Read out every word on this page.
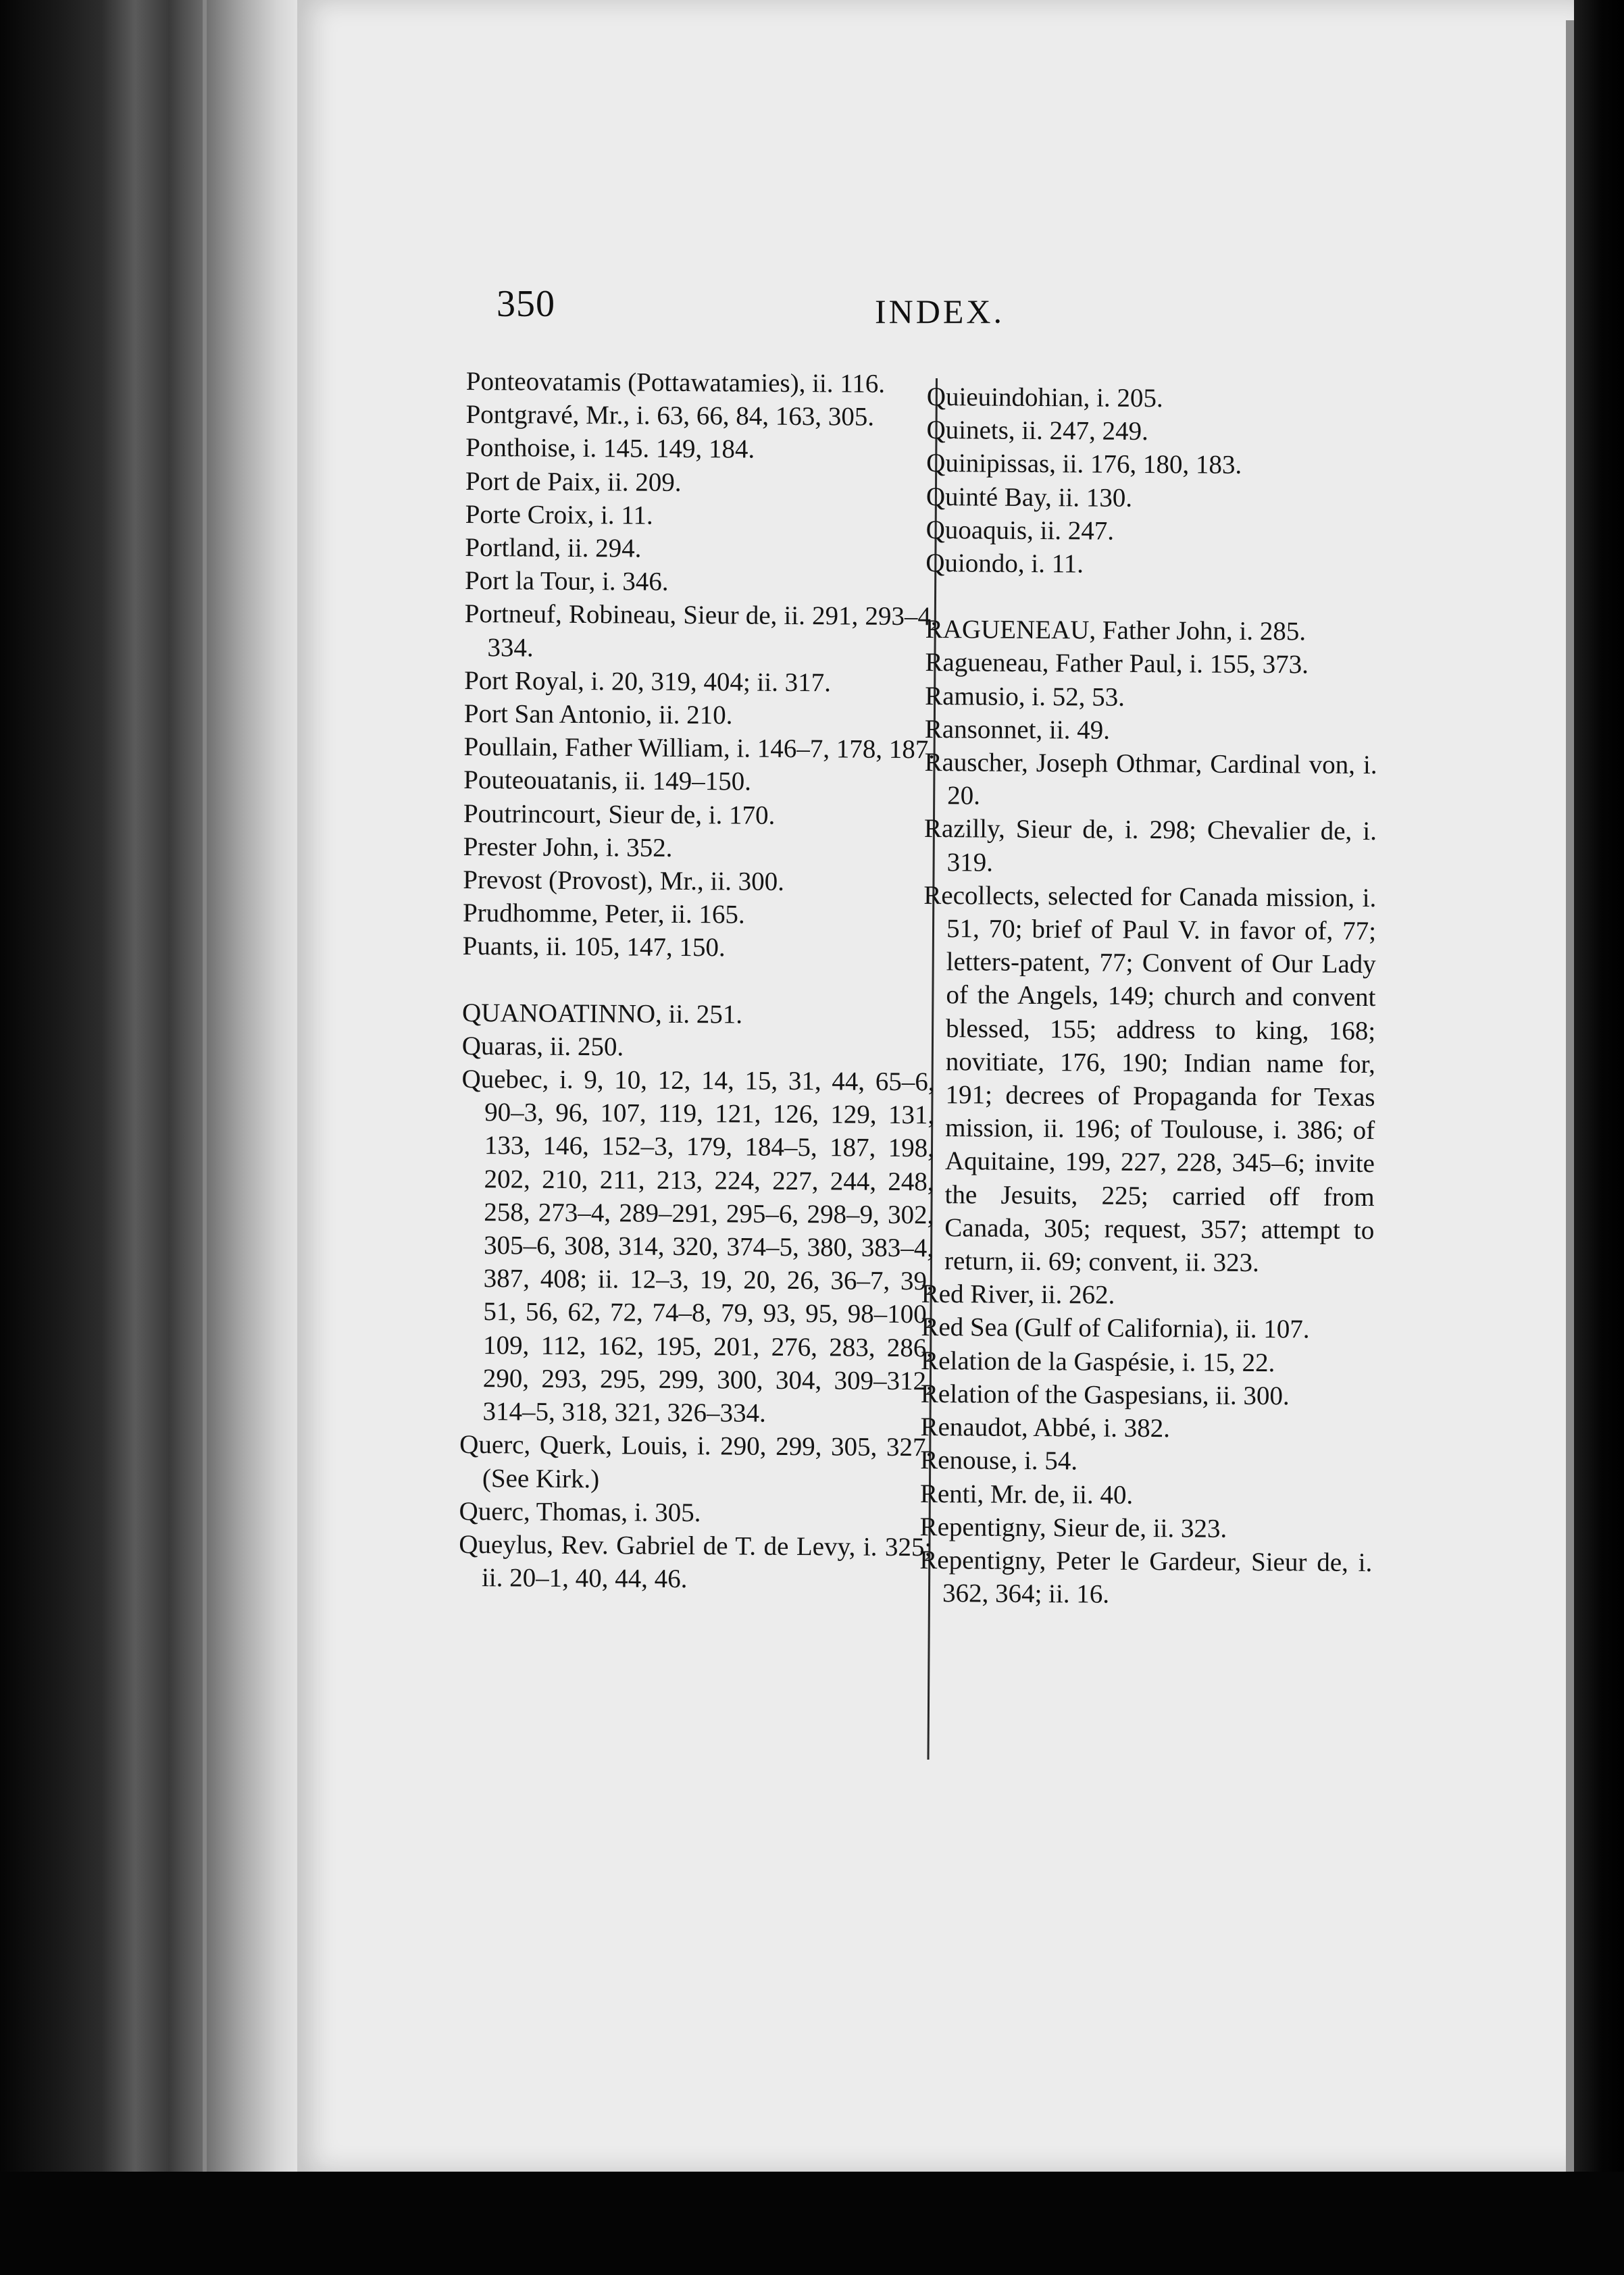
350	INDEX.

Ponteovatamis (Pottawatamies), ii. 116.

Pontgravé, Mr., i. 63, 66, 84, 163, 305.

Ponthoise, i. 145. 149, 184.

Port de Paix, ii. 209.

Porte Croix, i. 11.

Portland, ii. 294.

Port la Tour, i. 346.

Portneuf, Robineau, Sieur de, ii. 291, 293–4, 334.

Port Royal, i. 20, 319, 404; ii. 317.

Port San Antonio, ii. 210.

Poullain, Father William, i. 146–7, 178, 187.

Pouteouatanis, ii. 149–150.

Poutrincourt, Sieur de, i. 170.

Prester John, i. 352.

Prevost (Provost), Mr., ii. 300.

Prudhomme, Peter, ii. 165.

Puants, ii. 105, 147, 150.

QUANOATINNO, ii. 251.

Quaras, ii. 250.

Quebec, i. 9, 10, 12, 14, 15, 31, 44, 65–6, 90–3, 96, 107, 119, 121, 126, 129, 131, 133, 146, 152–3, 179, 184–5, 187, 198, 202, 210, 211, 213, 224, 227, 244, 248, 258, 273–4, 289–291, 295–6, 298–9, 302, 305–6, 308, 314, 320, 374–5, 380, 383–4, 387, 408; ii. 12–3, 19, 20, 26, 36–7, 39, 51, 56, 62, 72, 74–8, 79, 93, 95, 98–100, 109, 112, 162, 195, 201, 276, 283, 286, 290, 293, 295, 299, 300, 304, 309–312, 314–5, 318, 321, 326–334.

Querc, Querk, Louis, i. 290, 299, 305, 327. (See Kirk.)

Querc, Thomas, i. 305.

Queylus, Rev. Gabriel de T. de Levy, i. 325; ii. 20–1, 40, 44, 46.

Quieuindohian, i. 205.

Quinets, ii. 247, 249.

Quinipissas, ii. 176, 180, 183.

Quinté Bay, ii. 130.

Quoaquis, ii. 247.

Quiondo, i. 11.

RAGUENEAU, Father John, i. 285.

Ragueneau, Father Paul, i. 155, 373.

Ramusio, i. 52, 53.

Ransonnet, ii. 49.

Rauscher, Joseph Othmar, Cardinal von, i. 20.

Razilly, Sieur de, i. 298; Chevalier de, i. 319.

Recollects, selected for Canada mission, i. 51, 70; brief of Paul V. in favor of, 77; letters-patent, 77; Convent of Our Lady of the Angels, 149; church and convent blessed, 155; address to king, 168; novitiate, 176, 190; Indian name for, 191; decrees of Propaganda for Texas mission, ii. 196; of Toulouse, i. 386; of Aquitaine, 199, 227, 228, 345–6; invite the Jesuits, 225; carried off from Canada, 305; request, 357; attempt to return, ii. 69; convent, ii. 323.

Red River, ii. 262.

Red Sea (Gulf of California), ii. 107.

Relation de la Gaspésie, i. 15, 22.

Relation of the Gaspesians, ii. 300.

Renaudot, Abbé, i. 382.

Renouse, i. 54.

Renti, Mr. de, ii. 40.

Repentigny, Sieur de, ii. 323.

Repentigny, Peter le Gardeur, Sieur de, i. 362, 364; ii. 16.
